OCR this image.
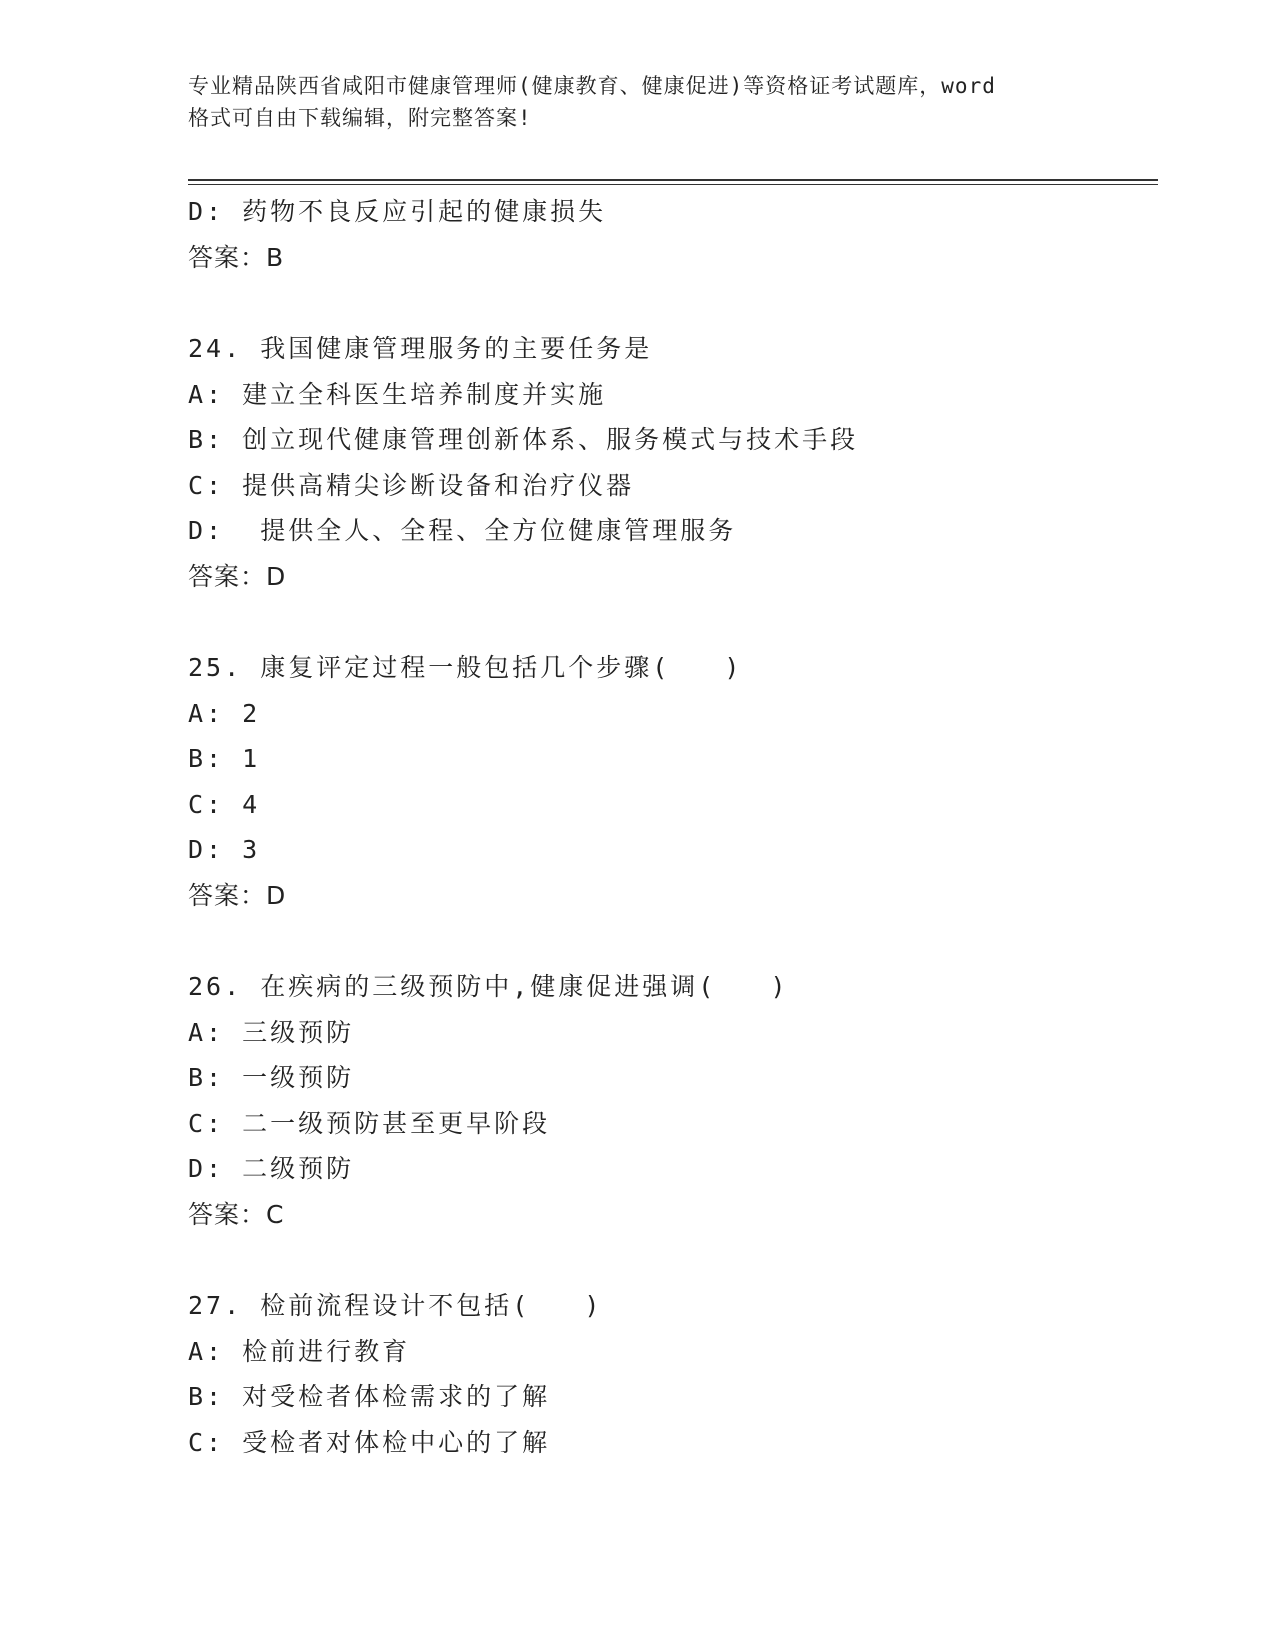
专业精品陕西省咸阳市健康管理师(健康教育、健康促进)等资格证考试题库，word
格式可自由下载编辑，附完整答案!
D: 药物不良反应引起的健康损失
答案：B
24. 我国健康管理服务的主要任务是
A: 建立全科医生培养制度并实施
B: 创立现代健康管理创新体系、服务模式与技术手段
C: 提供高精尖诊断设备和治疗仪器
D:  提供全人、全程、全方位健康管理服务
答案：D
25. 康复评定过程一般包括几个步骤(   )
A: 2
B: 1
C: 4
D: 3
答案：D
26. 在疾病的三级预防中,健康促进强调(   )
A: 三级预防
B: 一级预防
C: 二一级预防甚至更早阶段
D: 二级预防
答案：C
27. 检前流程设计不包括(   )
A: 检前进行教育
B: 对受检者体检需求的了解
C: 受检者对体检中心的了解
